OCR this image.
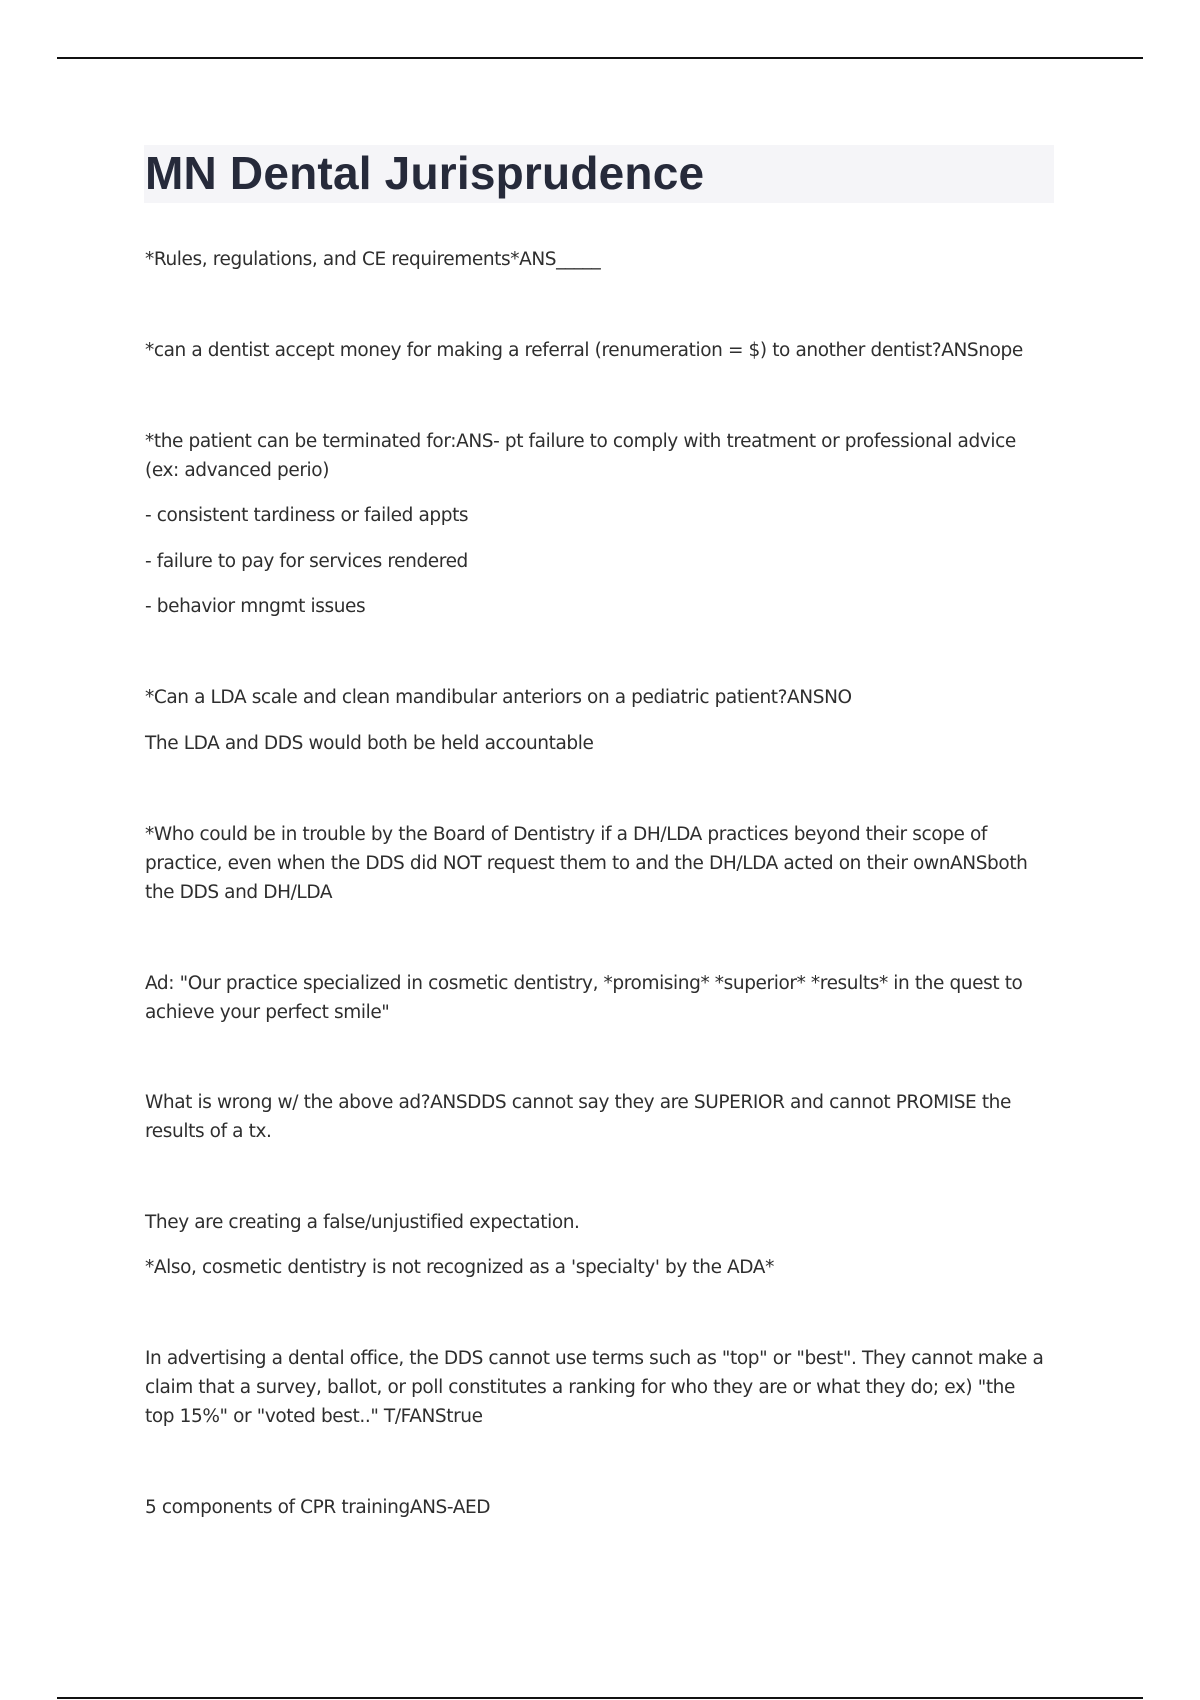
MN Dental Jurisprudence

*Rules, regulations, and CE requirements*ANS_____

*can a dentist accept money for making a referral (renumeration = $) to another dentist?ANSnope

*the patient can be terminated for:ANS- pt failure to comply with treatment or professional advice

(ex: advanced perio)

- consistent tardiness or failed appts

- failure to pay for services rendered

- behavior mngmt issues

*Can a LDA scale and clean mandibular anteriors on a pediatric patient?ANSNO

The LDA and DDS would both be held accountable

*Who could be in trouble by the Board of Dentistry if a DH/LDA practices beyond their scope of

practice, even when the DDS did NOT request them to and the DH/LDA acted on their ownANSboth

the DDS and DH/LDA

Ad: "Our practice specialized in cosmetic dentistry, *promising* *superior* *results* in the quest to

achieve your perfect smile"

What is wrong w/ the above ad?ANSDDS cannot say they are SUPERIOR and cannot PROMISE the

results of a tx.

They are creating a false/unjustified expectation.

*Also, cosmetic dentistry is not recognized as a 'specialty' by the ADA*

In advertising a dental office, the DDS cannot use terms such as "top" or "best". They cannot make a

claim that a survey, ballot, or poll constitutes a ranking for who they are or what they do; ex) "the

top 15%" or "voted best.." T/FANStrue

5 components of CPR trainingANS-AED
